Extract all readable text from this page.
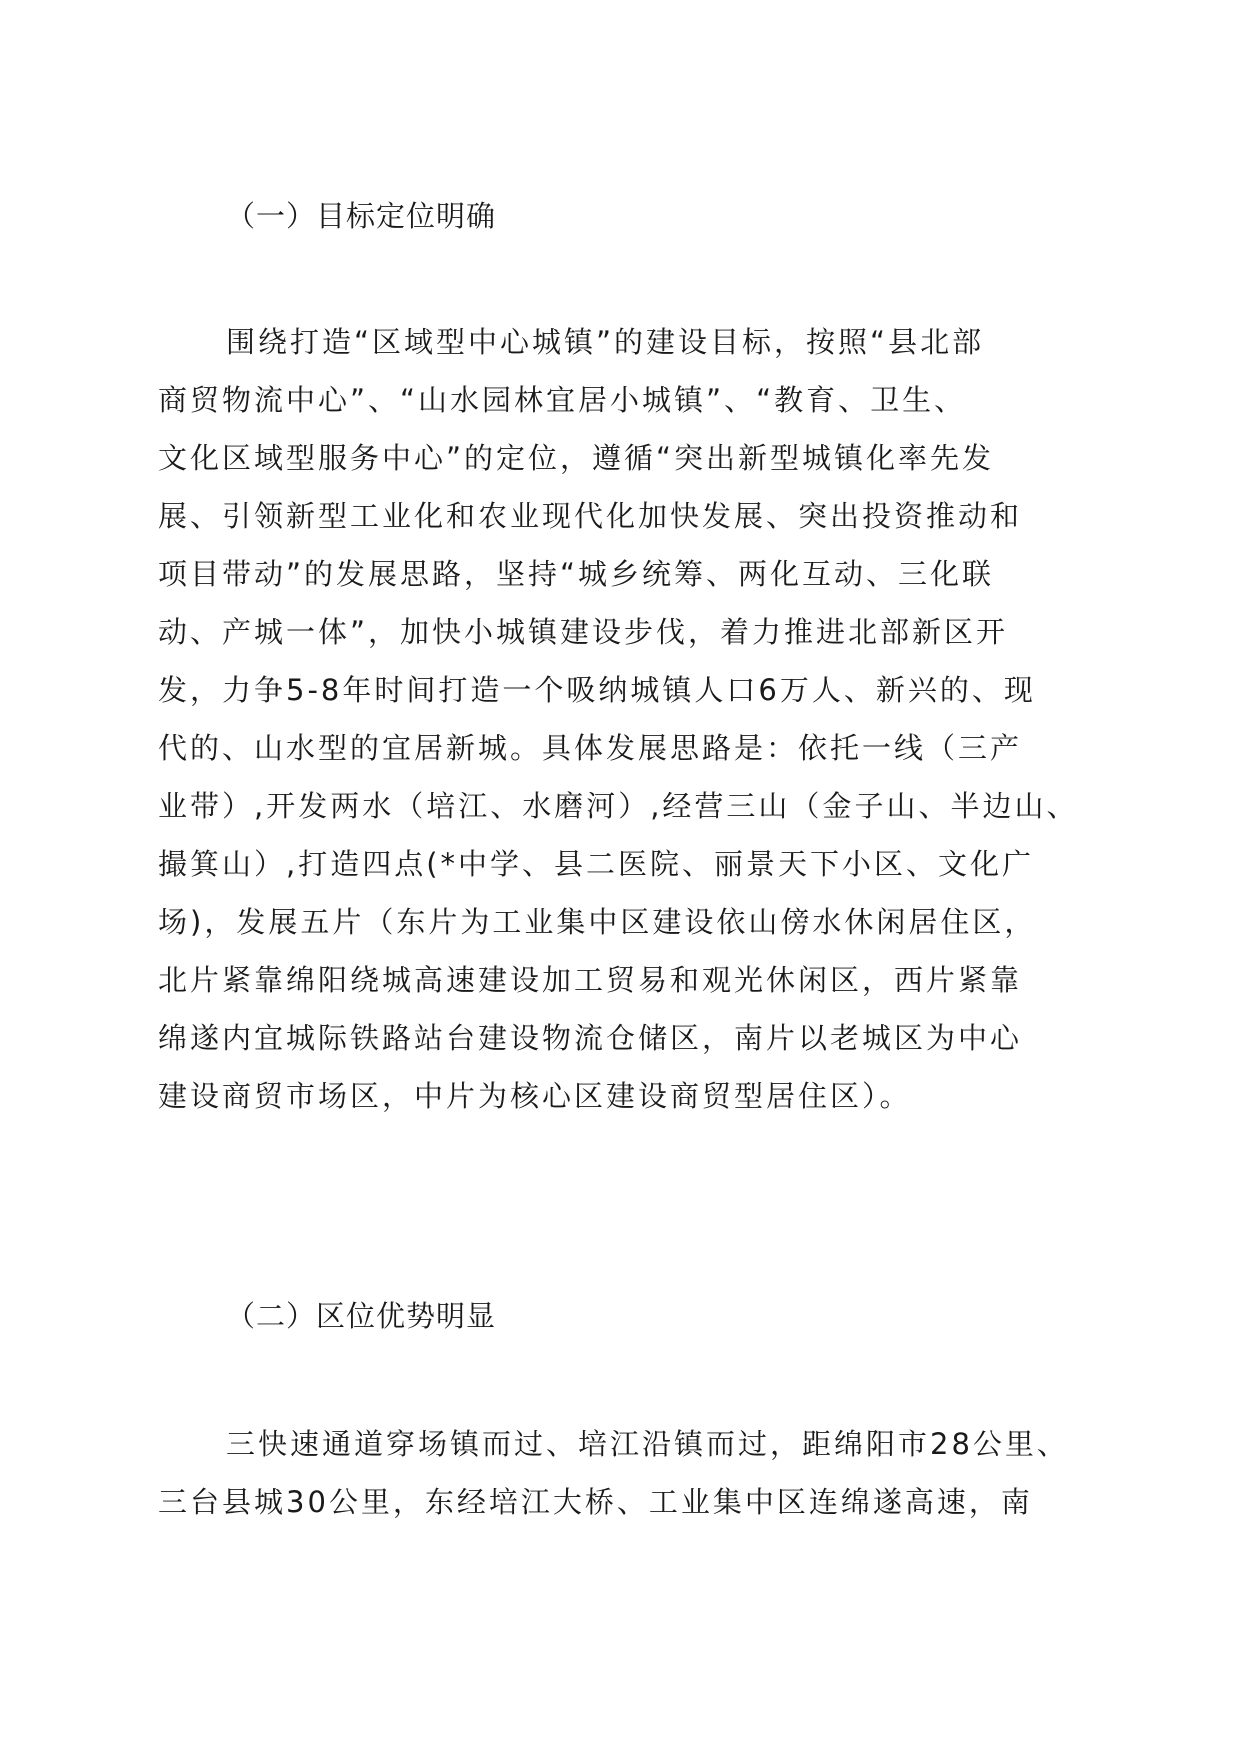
（一）目标定位明确
围绕打造“区域型中心城镇”的建设目标，按照“县北部
商贸物流中心”、“山水园林宜居小城镇”、“教育、卫生、
文化区域型服务中心”的定位，遵循“突出新型城镇化率先发
展、引领新型工业化和农业现代化加快发展、突出投资推动和
项目带动”的发展思路，坚持“城乡统筹、两化互动、三化联
动、产城一体”，加快小城镇建设步伐，着力推进北部新区开
发，力争5-8年时间打造一个吸纳城镇人口6万人、新兴的、现
代的、山水型的宜居新城。具体发展思路是：依托一线（三产
业带）,开发两水（培江、水磨河）,经营三山（金子山、半边山、
撮箕山）,打造四点(*中学、县二医院、丽景天下小区、文化广
场)，发展五片（东片为工业集中区建设依山傍水休闲居住区，
北片紧靠绵阳绕城高速建设加工贸易和观光休闲区，西片紧靠
绵遂内宜城际铁路站台建设物流仓储区，南片以老城区为中心
建设商贸市场区，中片为核心区建设商贸型居住区）。
（二）区位优势明显
三快速通道穿场镇而过、培江沿镇而过，距绵阳市28公里、
三台县城30公里，东经培江大桥、工业集中区连绵遂高速，南
